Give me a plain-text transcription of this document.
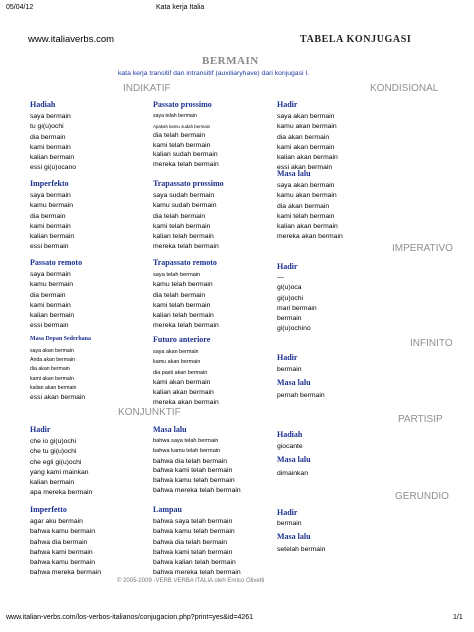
05/04/12	Kata kerja Italia
www.italiaverbs.com	TABELA KONJUGASI
BERMAIN
kata kerja transitif dan intransitif (auxiliaryhave) dari konjugasi I.
INDIKATIF	KONDISIONAL
IMPERATIVO
INFINITO
PARTISIP
GERUNDIO
KONJUNKTIF
Hadiah
saya bermain
tu gi(u)ochi
dia bermain
kami bermain
kalian bermain
essi gi(u)ocano
Imperfekto
saya bermain
kamu bermain
dia bermain
kami bermain
kalian bermain
essi bermain
Passato remoto
saya bermain
kamu bermain
dia bermain
kami bermain
kalian bermain
essi bermain
Masa Depan Sederhana
saya akan bermain
Anda akan bermain
dia akan bermain
kami akan bermain
kalian akan bermain
essi akan bermain
Passato prossimo
saya telah bermain
Apakah kamu sudah bermain
dia telah bermain
kami telah bermain
kalian sudah bermain
mereka telah bermain
Trapassato prossimo
saya sudah bermain
kamu sudah bermain
dia telah bermain
kami telah bermain
kalian telah bermain
mereka telah bermain
Trapassato remoto
saya telah bermain
kamu telah bermain
dia telah bermain
kami telah bermain
kalian telah bermain
mereka telah bermain
Futuro anteriore
saya akan bermain
kamu akan bermain
dia pasti akan bermain
kami akan bermain
kalian akan bermain
mereka akan bermain
Hadir
saya akan bermain
kamu akan bermain
dia akan bermain
kami akan bermain
kalian akan bermain
essi akan bermain
Masa lalu
saya akan bermain
kamu akan bermain
dia akan bermain
kami telah bermain
kalian akan bermain
mereka akan bermain
Hadir
—
gi(u)oca
gi(u)ochi
mari bermain
bermain
gi(u)ochino
Hadir
bermain
Masa lalu
pernah bermain
Hadiah
giocante
Masa lalu
dimainkan
Hadir
bermain
Masa lalu
setelah bermain
Hadir
che io gi(u)ochi
che tu gi(u)ochi
che egli gi(u)ochi
yang kami mainkan
kalian bermain
apa mereka bermain
Masa lalu
bahwa saya telah bermain
bahwa kamu telah bermain
bahwa dia telah bermain
bahwa kami telah bermain
bahwa kamu telah bermain
bahwa mereka telah bermain
Imperfetto
agar aku bermain
bahwa kamu bermain
bahwa dia bermain
bahwa kami bermain
bahwa kamu bermain
bahwa mereka bermain
Lampau
bahwa saya telah bermain
bahwa kamu telah bermain
bahwa dia telah bermain
bahwa kami telah bermain
bahwa kalian telah bermain
bahwa mereka telah bermain
© 2005-2009 -VERB VERBA ITALIA oleh Enrico Olivetti
www.italian-verbs.com/los-verbos-italianos/conjugacion.php?print=yes&id=4261	1/1
